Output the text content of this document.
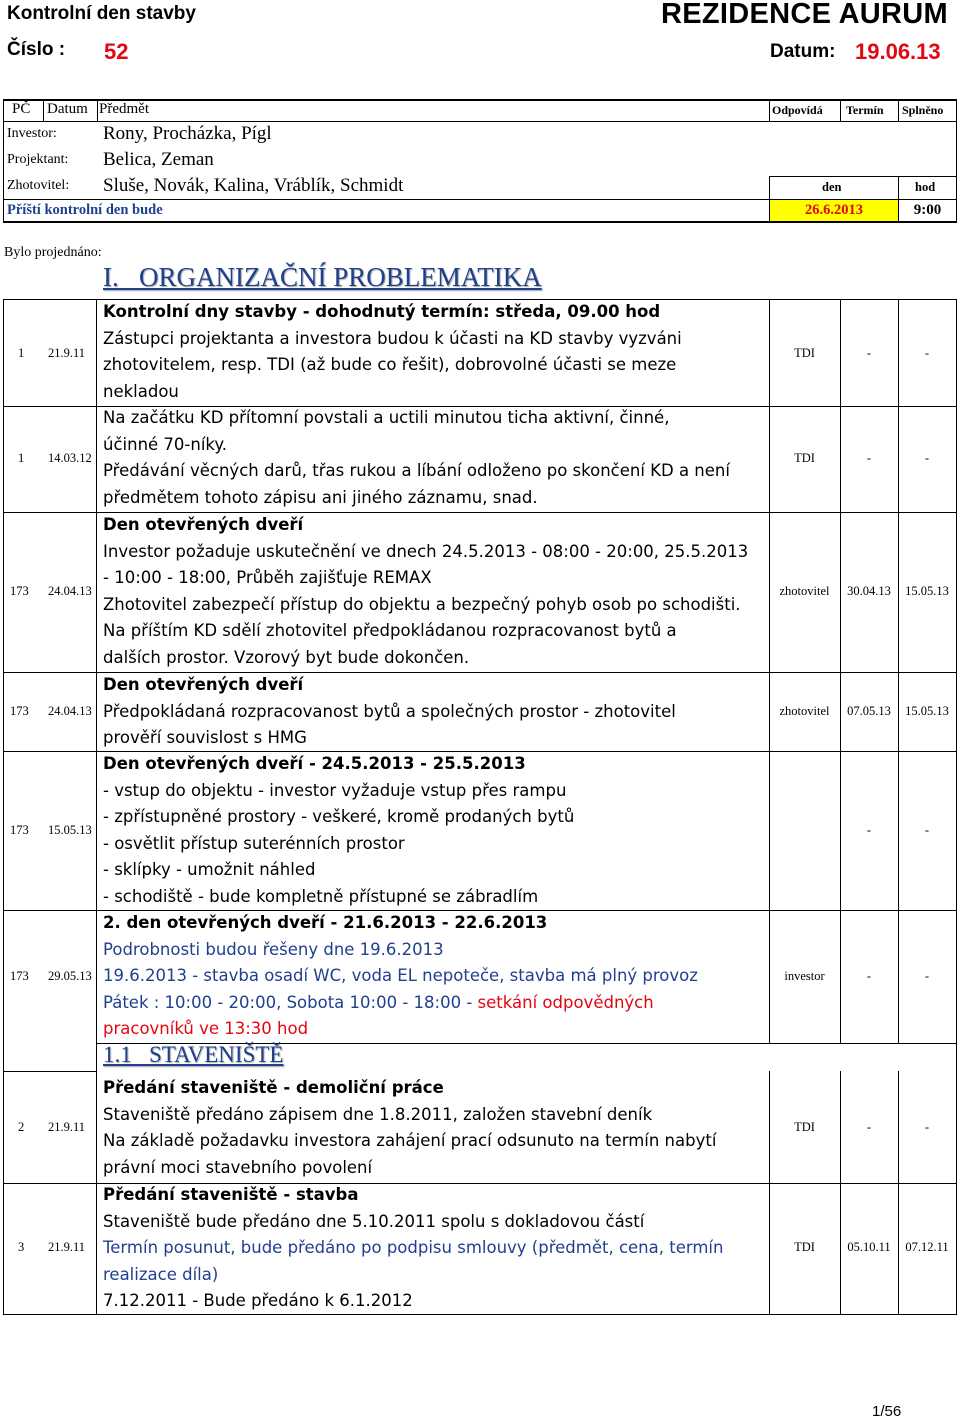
Kontrolní den stavby	REZIDENCE AURUM
Číslo : 52	Datum: 19.06.13
PČ Datum Předmět	Odpovídá Termín Splněno
Investor: Rony, Procházka, Pígl
Projektant: Belica, Zeman
Zhotovitel: Sluše, Novák, Kalina, Vráblík, Schmidt	den	hod
Příští kontrolní den bude	26.6.2013	9:00
Bylo projednáno:
I.   ORGANIZAČNÍ PROBLEMATIKA
1.1   STAVENIŠTĚ
1 21.9.11
Kontrolní dny stavby - dohodnutý termín: středa, 09.00 hod
Zástupci projektanta a investora budou k účasti na KD stavby vyzváni
zhotovitelem, resp. TDI (až bude co řešit), dobrovolné účasti se meze
nekladou
TDI	-	-
1 14.03.12
Na začátku KD přítomní povstali a uctili minutou ticha aktivní, činné,
účinné 70-níky.
Předávání věcných darů, třas rukou a líbání odloženo po skončení KD a není
předmětem tohoto zápisu ani jiného záznamu, snad.
TDI	-	-
173 24.04.13
Den otevřených dveří
Investor požaduje uskutečnění ve dnech 24.5.2013 - 08:00 - 20:00, 25.5.2013
- 10:00 - 18:00, Průběh zajišťuje REMAX
Zhotovitel zabezpečí přístup do objektu a bezpečný pohyb osob po schodišti.
Na příštím KD sdělí zhotovitel předpokládanou rozpracovanost bytů a
dalších prostor. Vzorový byt bude dokončen.
zhotovitel	30.04.13	15.05.13
173 24.04.13
Den otevřených dveří
Předpokládaná rozpracovanost bytů a společných prostor - zhotovitel
prověří souvislost s HMG
zhotovitel	07.05.13	15.05.13
173 15.05.13
Den otevřených dveří - 24.5.2013 - 25.5.2013
- vstup do objektu - investor vyžaduje vstup přes rampu
- zpřístupněné prostory - veškeré, kromě prodaných bytů
- osvětlit přístup suterénních prostor
- sklípky - umožnit náhled
- schodiště - bude kompletně přístupné se zábradlím
-	-
173 29.05.13
2. den otevřených dveří - 21.6.2013 - 22.6.2013
Podrobnosti budou řešeny dne 19.6.2013
19.6.2013 - stavba osadí WC, voda EL nepoteče, stavba má plný provoz
Pátek : 10:00 - 20:00, Sobota 10:00 - 18:00 - setkání odpovědných
pracovníků ve 13:30 hod
investor	-	-
2 21.9.11
Předání staveniště - demoliční práce
Staveniště předáno zápisem dne 1.8.2011, založen stavební deník
Na základě požadavku investora zahájení prací odsunuto na termín nabytí
právní moci stavebního povolení
TDI	-	-
3 21.9.11
Předání staveniště - stavba
Staveniště bude předáno dne 5.10.2011 spolu s dokladovou částí
Termín posunut, bude předáno po podpisu smlouvy (předmět, cena, termín
realizace díla)
7.12.2011 - Bude předáno k 6.1.2012
TDI	05.10.11	07.12.11
1/56
